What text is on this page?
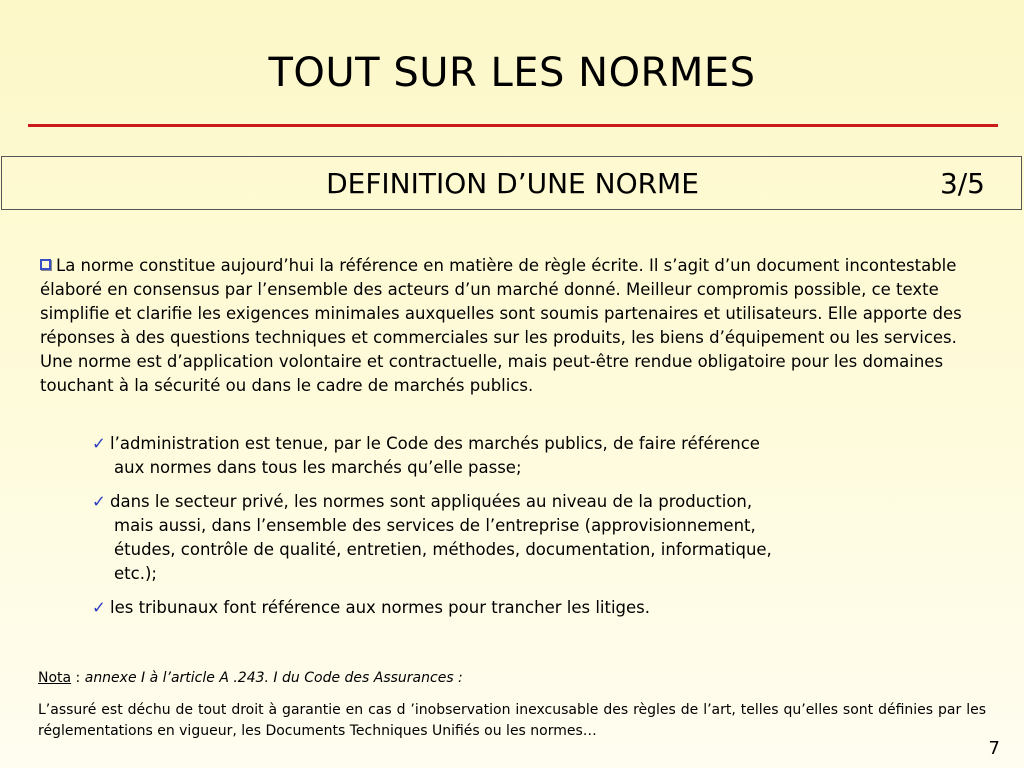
TOUT SUR LES NORMES
DEFINITION D’UNE NORME	3/5
La norme constitue aujourd’hui la référence en matière de règle écrite. Il s’agit d’un document incontestable élaboré en consensus par l’ensemble des acteurs d’un marché donné. Meilleur compromis possible, ce texte simplifie et clarifie les exigences minimales auxquelles sont soumis partenaires et utilisateurs. Elle apporte des réponses à des questions techniques et commerciales sur les produits, les biens d’équipement ou les services. Une norme est d’application volontaire et contractuelle, mais peut-être rendue obligatoire pour les domaines touchant à la sécurité ou dans le cadre de marchés publics.
✓ l’administration est tenue, par le Code des marchés publics, de faire référence aux normes dans tous les marchés qu’elle passe;
✓ dans le secteur privé, les normes sont appliquées au niveau de la production, mais aussi, dans l’ensemble des services de l’entreprise (approvisionnement, études, contrôle de qualité, entretien, méthodes, documentation, informatique, etc.);
✓ les tribunaux font référence aux normes pour trancher les litiges.
Nota : annexe I à l’article A .243. I du Code des Assurances :
L’assuré est déchu de tout droit à garantie en cas d ’inobservation inexcusable des règles de l’art, telles qu’elles sont définies par les réglementations en vigueur, les Documents Techniques Unifiés ou les normes…
7
